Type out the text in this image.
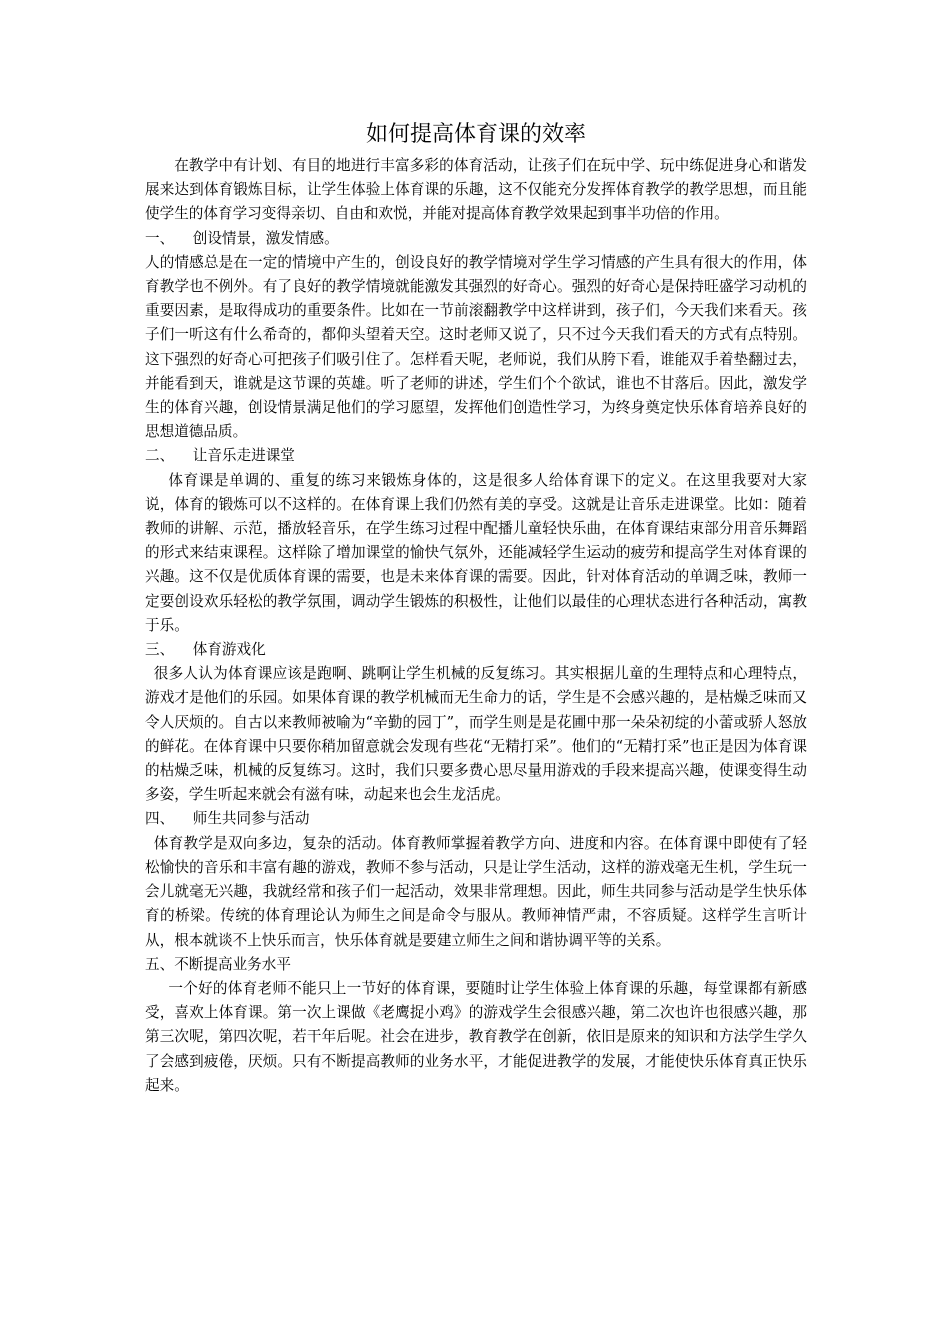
如何提高体育课的效率

在教学中有计划、有目的地进行丰富多彩的体育活动，让孩子们在玩中学、玩中练促进身心和谐发展来达到体育锻炼目标，让学生体验上体育课的乐趣，这不仅能充分发挥体育教学的教学思想，而且能使学生的体育学习变得亲切、自由和欢悦，并能对提高体育教学效果起到事半功倍的作用。

一、    创设情景，激发情感。

人的情感总是在一定的情境中产生的，创设良好的教学情境对学生学习情感的产生具有很大的作用，体育教学也不例外。有了良好的教学情境就能激发其强烈的好奇心。强烈的好奇心是保持旺盛学习动机的重要因素，是取得成功的重要条件。比如在一节前滚翻教学中这样讲到，孩子们，今天我们来看天。孩子们一听这有什么希奇的，都仰头望着天空。这时老师又说了，只不过今天我们看天的方式有点特别。这下强烈的好奇心可把孩子们吸引住了。怎样看天呢，老师说，我们从胯下看，谁能双手着垫翻过去，并能看到天，谁就是这节课的英雄。听了老师的讲述，学生们个个欲试，谁也不甘落后。因此，激发学生的体育兴趣，创设情景满足他们的学习愿望，发挥他们创造性学习，为终身奠定快乐体育培养良好的思想道德品质。

二、    让音乐走进课堂

体育课是单调的、重复的练习来锻炼身体的，这是很多人给体育课下的定义。在这里我要对大家说，体育的锻炼可以不这样的。在体育课上我们仍然有美的享受。这就是让音乐走进课堂。比如：随着教师的讲解、示范，播放轻音乐，在学生练习过程中配播儿童轻快乐曲，在体育课结束部分用音乐舞蹈的形式来结束课程。这样除了增加课堂的愉快气氛外，还能减轻学生运动的疲劳和提高学生对体育课的兴趣。这不仅是优质体育课的需要，也是未来体育课的需要。因此，针对体育活动的单调乏味，教师一定要创设欢乐轻松的教学氛围，调动学生锻炼的积极性，让他们以最佳的心理状态进行各种活动，寓教于乐。

三、    体育游戏化

很多人认为体育课应该是跑啊、跳啊让学生机械的反复练习。其实根据儿童的生理特点和心理特点，游戏才是他们的乐园。如果体育课的教学机械而无生命力的话，学生是不会感兴趣的，是枯燥乏味而又令人厌烦的。自古以来教师被喻为“辛勤的园丁”，而学生则是是花圃中那一朵朵初绽的小蕾或骄人怒放的鲜花。在体育课中只要你稍加留意就会发现有些花“无精打采”。他们的“无精打采”也正是因为体育课的枯燥乏味，机械的反复练习。这时，我们只要多费心思尽量用游戏的手段来提高兴趣，使课变得生动多姿，学生听起来就会有滋有味，动起来也会生龙活虎。

四、    师生共同参与活动

体育教学是双向多边，复杂的活动。体育教师掌握着教学方向、进度和内容。在体育课中即使有了轻松愉快的音乐和丰富有趣的游戏，教师不参与活动，只是让学生活动，这样的游戏毫无生机，学生玩一会儿就毫无兴趣，我就经常和孩子们一起活动，效果非常理想。因此，师生共同参与活动是学生快乐体育的桥梁。传统的体育理论认为师生之间是命令与服从。教师神情严肃，不容质疑。这样学生言听计从，根本就谈不上快乐而言，快乐体育就是要建立师生之间和谐协调平等的关系。

五、不断提高业务水平

一个好的体育老师不能只上一节好的体育课，要随时让学生体验上体育课的乐趣，每堂课都有新感受，喜欢上体育课。第一次上课做《老鹰捉小鸡》的游戏学生会很感兴趣，第二次也许也很感兴趣，那第三次呢，第四次呢，若干年后呢。社会在进步，教育教学在创新，依旧是原来的知识和方法学生学久了会感到疲倦，厌烦。只有不断提高教师的业务水平，才能促进教学的发展，才能使快乐体育真正快乐起来。
